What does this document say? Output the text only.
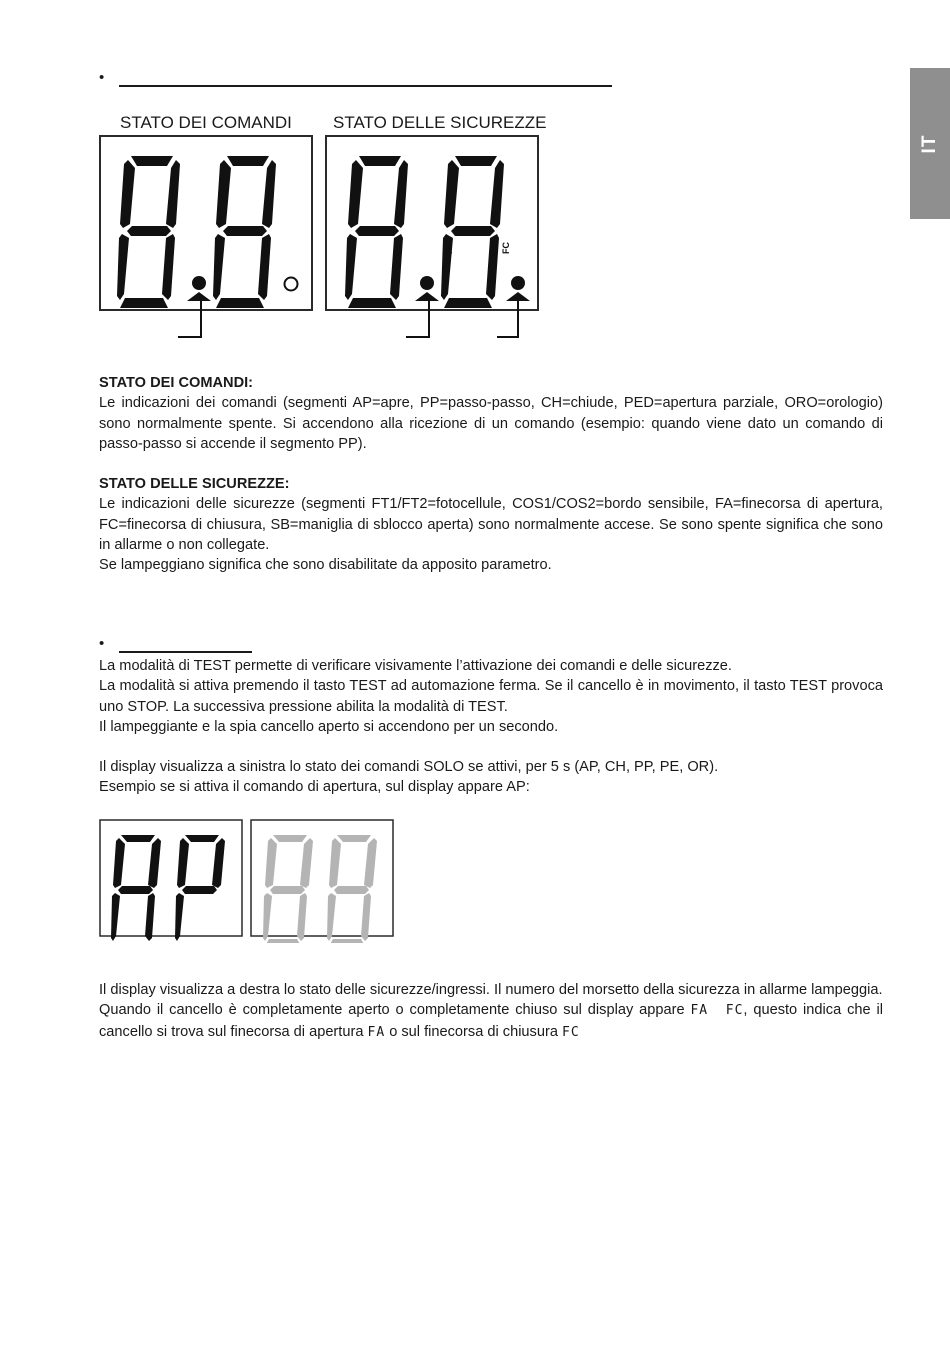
IT
•
STATO DEI COMANDI STATO DELLE SICUREZZE
FA	FC

STATO DEI COMANDI:

Le indicazioni dei comandi (segmenti AP=apre, PP=passo-passo, CH=chiude, PED=apertura parziale, ORO=orologio) sono normalmente spente. Si accendono alla ricezione di un comando (esempio: quando viene dato un comando di passo-passo si accende il segmento PP).

STATO DELLE SICUREZZE:

Le indicazioni delle sicurezze (segmenti FT1/FT2=fotocellule, COS1/COS2=bordo sensibile, FA=finecorsa di apertura, FC=finecorsa di chiusura, SB=maniglia di sblocco aperta) sono normalmente accese. Se sono spente significa che sono in allarme o non collegate.

Se lampeggiano significa che sono disabilitate da apposito parametro.

•

La modalità di TEST permette di verificare visivamente l’attivazione dei comandi e delle sicurezze.

La modalità si attiva premendo il tasto TEST ad automazione ferma. Se il cancello è in movimento, il tasto TEST provoca uno STOP. La successiva pressione abilita la modalità di TEST.

Il lampeggiante e la spia cancello aperto si accendono per un secondo.

Il display visualizza a sinistra lo stato dei comandi SOLO se attivi, per 5 s (AP, CH, PP, PE, OR).

Esempio se si attiva il comando di apertura, sul display appare AP:

Il display visualizza a destra lo stato delle sicurezze/ingressi. Il numero del morsetto della sicurezza in allarme lampeggia.

Quando il cancello è completamente aperto o completamente chiuso sul display appare FA FC, questo indica che il cancello si trova sul finecorsa di apertura FA o sul finecorsa di chiusura FC
